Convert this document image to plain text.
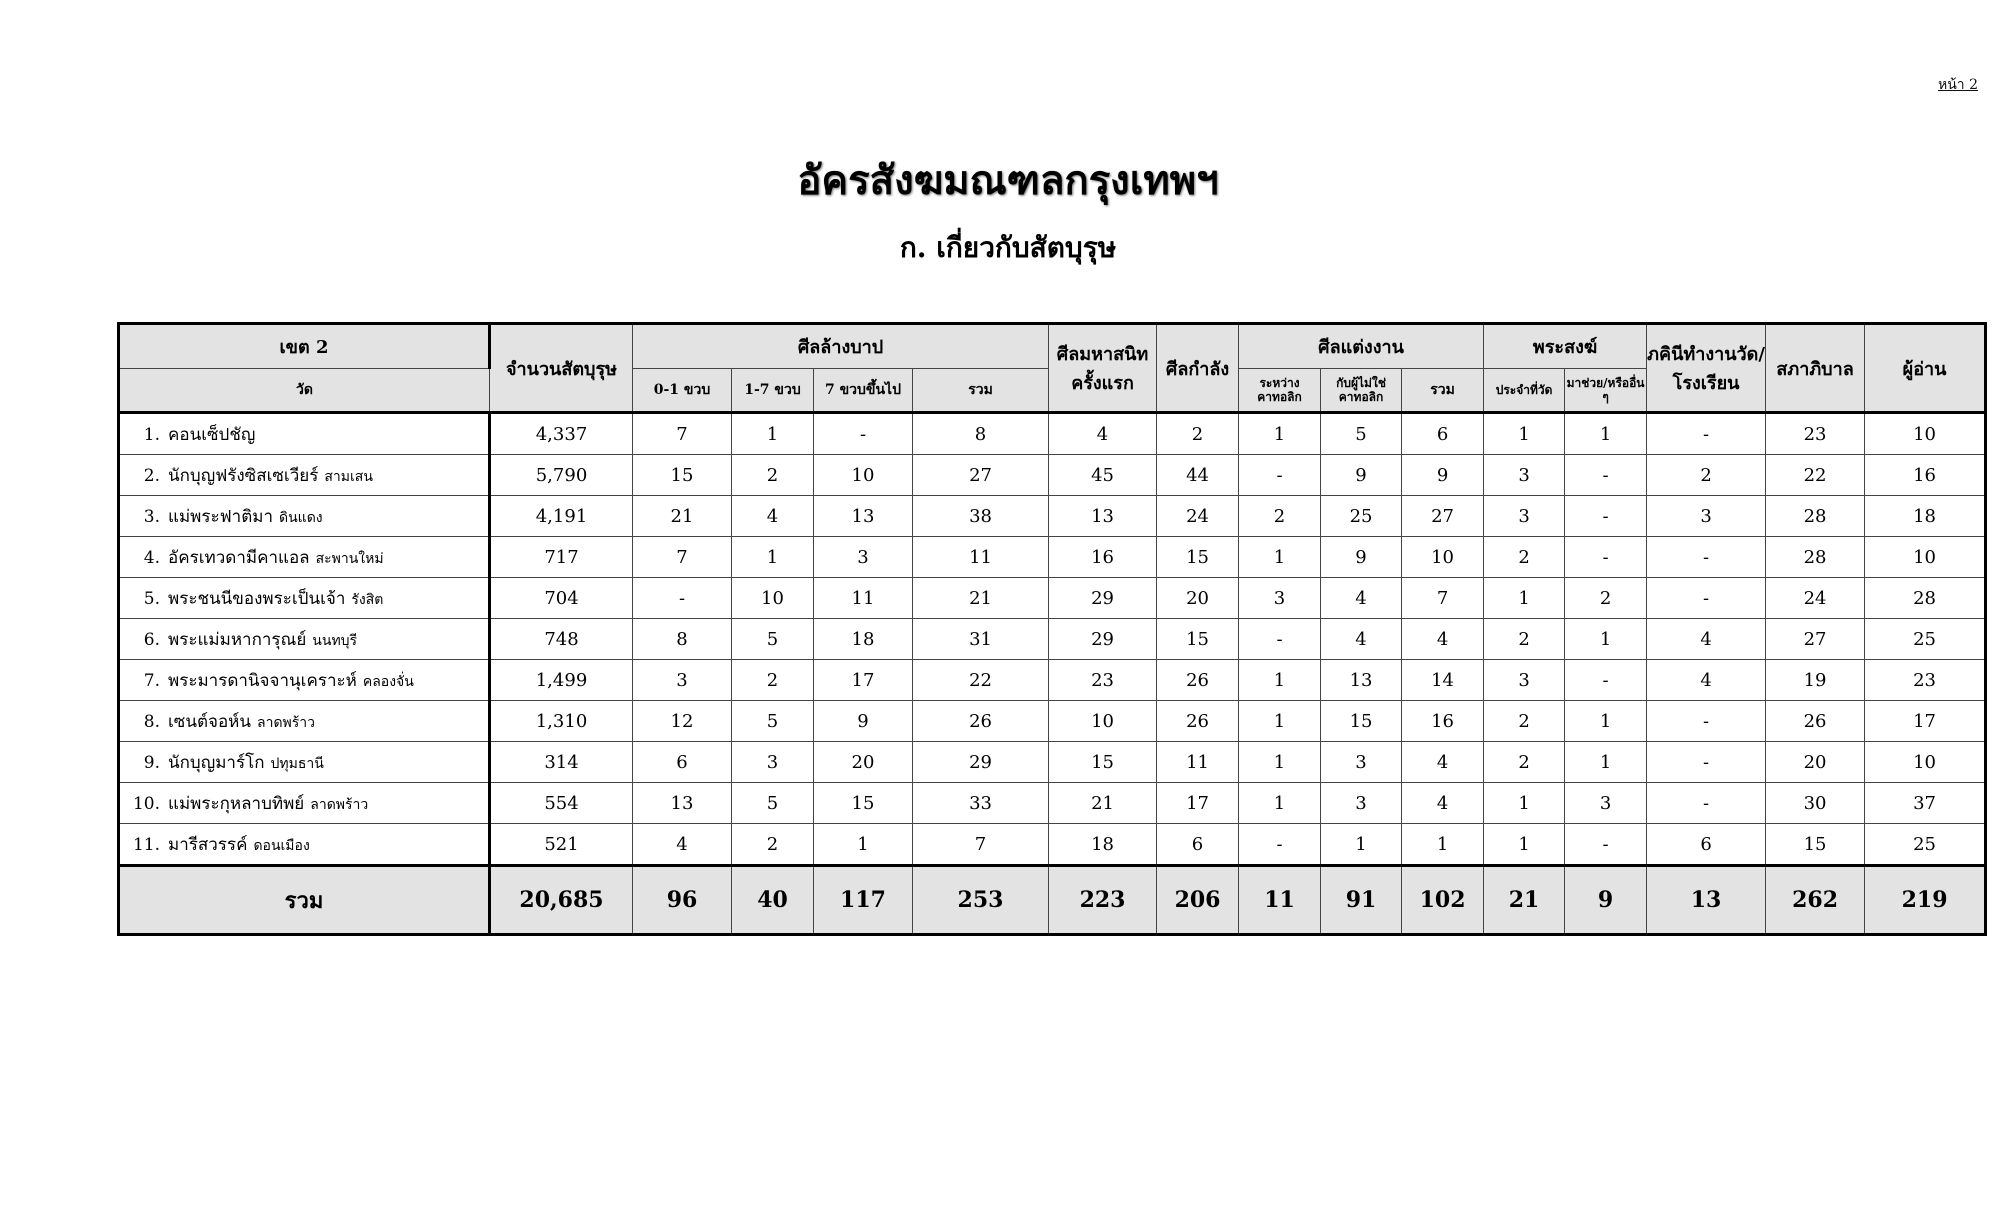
หน้า 2
อัครสังฆมณฑลกรุงเทพฯ
ก. เกี่ยวกับสัตบุรุษ
เขต 2	จำนวนสัตบุรุษ	ศีลล้างบาป				ศีลมหาสนิทครั้งแรก	ศีลกำลัง	ศีลแต่งงาน			พระสงฆ์		ภคินีทำงานวัด/โรงเรียน	สภาภิบาล	ผู้อ่าน
วัด		0-1 ขวบ	1-7 ขวบ	7 ขวบขึ้นไป	รวม			ระหว่างคาทอลิก	กับผู้ไม่ใช่คาทอลิก	รวม	ประจำที่วัด	มาช่วย/หรืออื่น ๆ			
1. คอนเซ็ปชัญ	4,337	7	1	-	8	4	2	1	5	6	1	1	-	23	10
2. นักบุญฟรังซิสเซเวียร์ สามเสน	5,790	15	2	10	27	45	44	-	9	9	3	-	2	22	16
3. แม่พระฟาติมา ดินแดง	4,191	21	4	13	38	13	24	2	25	27	3	-	3	28	18
4. อัครเทวดามีคาแอล สะพานใหม่	717	7	1	3	11	16	15	1	9	10	2	-	-	28	10
5. พระชนนีของพระเป็นเจ้า รังสิต	704	-	10	11	21	29	20	3	4	7	1	2	-	24	28
6. พระแม่มหาการุณย์ นนทบุรี	748	8	5	18	31	29	15	-	4	4	2	1	4	27	25
7. พระมารดานิจจานุเคราะห์ คลองจั่น	1,499	3	2	17	22	23	26	1	13	14	3	-	4	19	23
8. เซนต์จอห์น ลาดพร้าว	1,310	12	5	9	26	10	26	1	15	16	2	1	-	26	17
9. นักบุญมาร์โก ปทุมธานี	314	6	3	20	29	15	11	1	3	4	2	1	-	20	10
10. แม่พระกุหลาบทิพย์ ลาดพร้าว	554	13	5	15	33	21	17	1	3	4	1	3	-	30	37
11. มารีสวรรค์ ดอนเมือง	521	4	2	1	7	18	6	-	1	1	1	-	6	15	25
รวม	20,685	96	40	117	253	223	206	11	91	102	21	9	13	262	219
